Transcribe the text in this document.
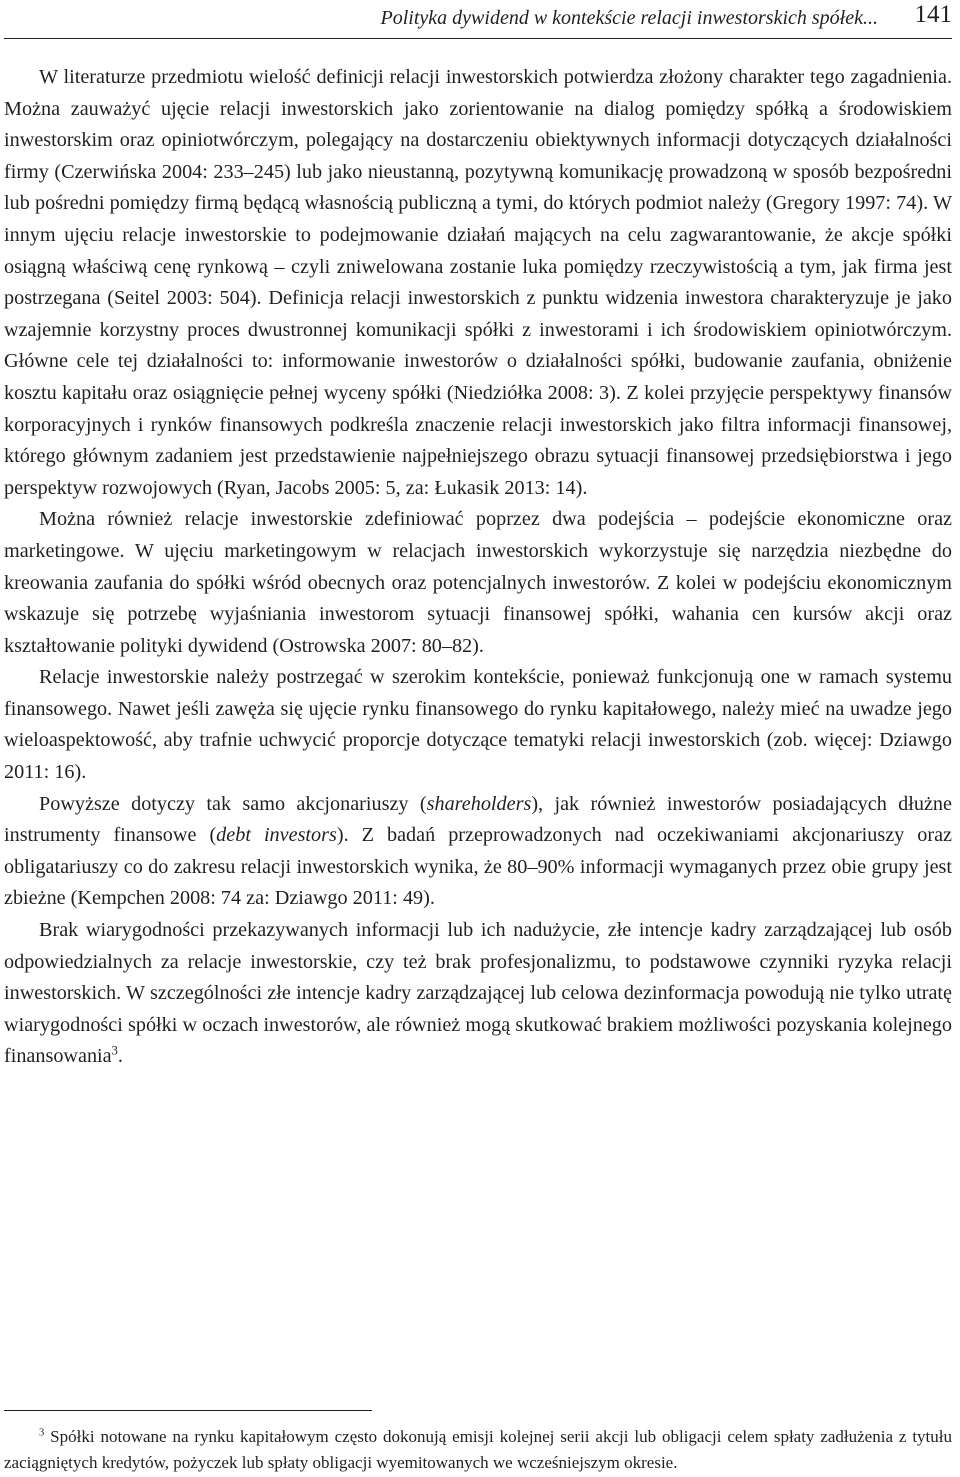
Polityka dywidend w kontekście relacji inwestorskich spółek... 141

W literaturze przedmiotu wielość definicji relacji inwestorskich potwierdza złożony charakter tego zagadnienia. Można zauważyć ujęcie relacji inwestorskich jako zorientowanie na dialog pomiędzy spółką a środowiskiem inwestorskim oraz opiniotwórczym, polegający na dostarczeniu obiektywnych informacji dotyczących działalności firmy (Czerwińska 2004: 233–245) lub jako nieustanną, pozytywną komunikację prowadzoną w sposób bezpośredni lub pośredni pomiędzy firmą będącą własnością publiczną a tymi, do których podmiot należy (Gregory 1997: 74). W innym ujęciu relacje inwestorskie to podejmowanie działań mających na celu zagwarantowanie, że akcje spółki osiągną właściwą cenę rynkową – czyli zniwelowana zostanie luka pomiędzy rzeczywistością a tym, jak firma jest postrzegana (Seitel 2003: 504). Definicja relacji inwestorskich z punktu widzenia inwestora charakteryzuje je jako wzajemnie korzystny proces dwustronnej komunikacji spółki z inwestorami i ich środowiskiem opiniotwórczym. Główne cele tej działalności to: informowanie inwestorów o działalności spółki, budowanie zaufania, obniżenie kosztu kapitału oraz osiągnięcie pełnej wyceny spółki (Niedziółka 2008: 3). Z kolei przyjęcie perspektywy finansów korporacyjnych i rynków finansowych podkreśla znaczenie relacji inwestorskich jako filtra informacji finansowej, którego głównym zadaniem jest przedstawienie najpełniejszego obrazu sytuacji finansowej przedsiębiorstwa i jego perspektyw rozwojowych (Ryan, Jacobs 2005: 5, za: Łukasik 2013: 14).

Można również relacje inwestorskie zdefiniować poprzez dwa podejścia – podejście ekonomiczne oraz marketingowe. W ujęciu marketingowym w relacjach inwestorskich wykorzystuje się narzędzia niezbędne do kreowania zaufania do spółki wśród obecnych oraz potencjalnych inwestorów. Z kolei w podejściu ekonomicznym wskazuje się potrzebę wyjaśniania inwestorom sytuacji finansowej spółki, wahania cen kursów akcji oraz kształtowanie polityki dywidend (Ostrowska 2007: 80–82).

Relacje inwestorskie należy postrzegać w szerokim kontekście, ponieważ funkcjonują one w ramach systemu finansowego. Nawet jeśli zawęża się ujęcie rynku finansowego do rynku kapitałowego, należy mieć na uwadze jego wieloaspektowość, aby trafnie uchwycić proporcje dotyczące tematyki relacji inwestorskich (zob. więcej: Dziawgo 2011: 16).

Powyższe dotyczy tak samo akcjonariuszy (shareholders), jak również inwestorów posiadających dłużne instrumenty finansowe (debt investors). Z badań przeprowadzonych nad oczekiwaniami akcjonariuszy oraz obligatariuszy co do zakresu relacji inwestorskich wynika, że 80–90% informacji wymaganych przez obie grupy jest zbieżne (Kempchen 2008: 74 za: Dziawgo 2011: 49).

Brak wiarygodności przekazywanych informacji lub ich nadużycie, złe intencje kadry zarządzającej lub osób odpowiedzialnych za relacje inwestorskie, czy też brak profesjonalizmu, to podstawowe czynniki ryzyka relacji inwestorskich. W szczególności złe intencje kadry zarządzającej lub celowa dezinformacja powodują nie tylko utratę wiarygodności spółki w oczach inwestorów, ale również mogą skutkować brakiem możliwości pozyskania kolejnego finansowania$^3$.

$^3$ Spółki notowane na rynku kapitałowym często dokonują emisji kolejnej serii akcji lub obligacji celem spłaty zadłużenia z tytułu zaciągniętych kredytów, pożyczek lub spłaty obligacji wyemitowanych we wcześniejszym okresie.
